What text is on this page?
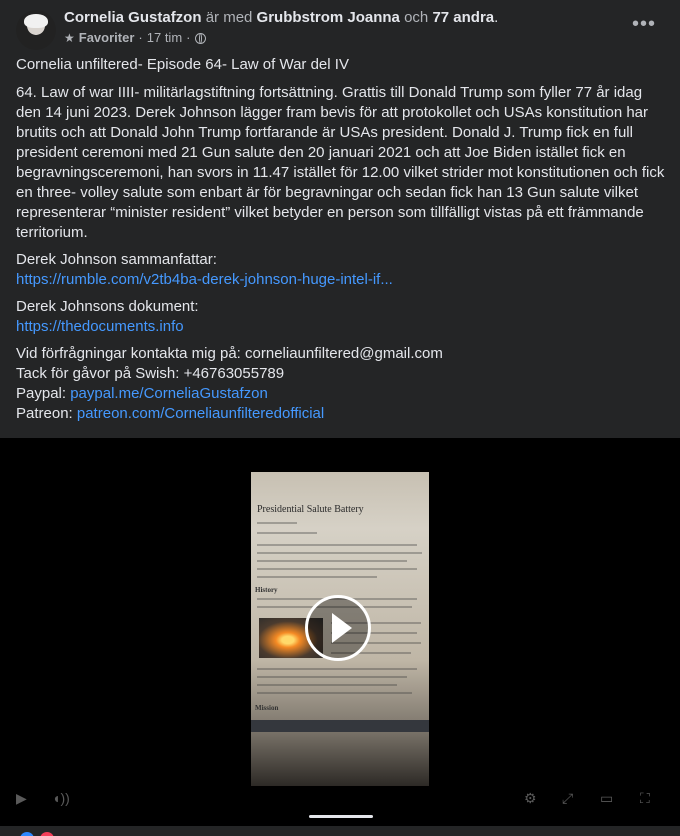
Cornelia Gustafzon är med Grubbstrom Joanna och 77 andra.
★ Favoriter · 17 tim ·
•••

Cornelia unfiltered- Episode 64- Law of War del IV

64. Law of war IIII- militärlagstiftning fortsättning. Grattis till Donald Trump som fyller 77 år idag den 14 juni 2023. Derek Johnson lägger fram bevis för att protokollet och USAs konstitution har brutits och att Donald John Trump fortfarande är USAs president. Donald J. Trump fick en full president ceremoni med 21 Gun salute den 20 januari 2021 och att Joe Biden istället fick en begravningsceremoni, han svors in 11.47 istället för 12.00 vilket strider mot konstitutionen och fick en three- volley salute som enbart är för begravningar och sedan fick han 13 Gun salute vilket representerar “minister resident” vilket betyder en person som tillfälligt vistas på ett främmande territorium.

Derek Johnson sammanfattar:
https://rumble.com/v2tb4ba-derek-johnson-huge-intel-if...

Derek Johnsons dokument:
https://thedocuments.info

Vid förfrågningar kontakta mig på: corneliaunfiltered@gmail.com
Tack för gåvor på Swish: +46763055789
Paypal: paypal.me/CorneliaGustafzon
Patreon: patreon.com/Corneliaunfilteredofficial

Presidential Salute Battery
History
Mission
▶ ◖))	⚙ ⤢ ▭ ⛶
